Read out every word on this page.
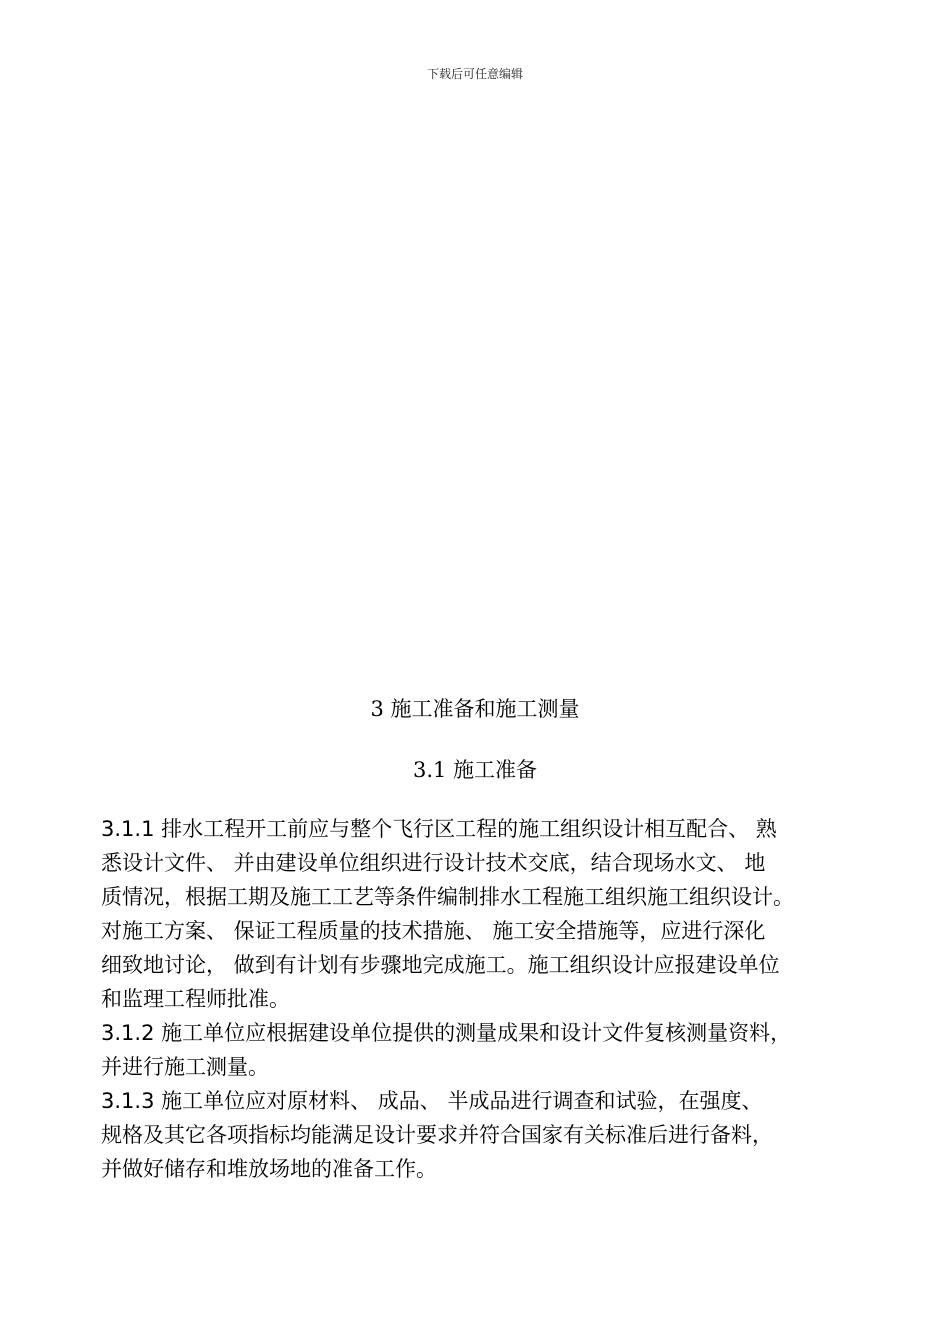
下载后可任意编辑
3 施工准备和施工测量
3.1 施工准备
3.1.1 排水工程开工前应与整个飞行区工程的施工组织设计相互配合、 熟
悉设计文件、 并由建设单位组织进行设计技术交底，结合现场水文、 地
质情况，根据工期及施工工艺等条件编制排水工程施工组织施工组织设计。
对施工方案、 保证工程质量的技术措施、 施工安全措施等，应进行深化
细致地讨论， 做到有计划有步骤地完成施工。施工组织设计应报建设单位
和监理工程师批准。
3.1.2 施工单位应根据建设单位提供的测量成果和设计文件复核测量资料，
并进行施工测量。
3.1.3 施工单位应对原材料、 成品、 半成品进行调查和试验，在强度、
规格及其它各项指标均能满足设计要求并符合国家有关标准后进行备料，
并做好储存和堆放场地的准备工作。
